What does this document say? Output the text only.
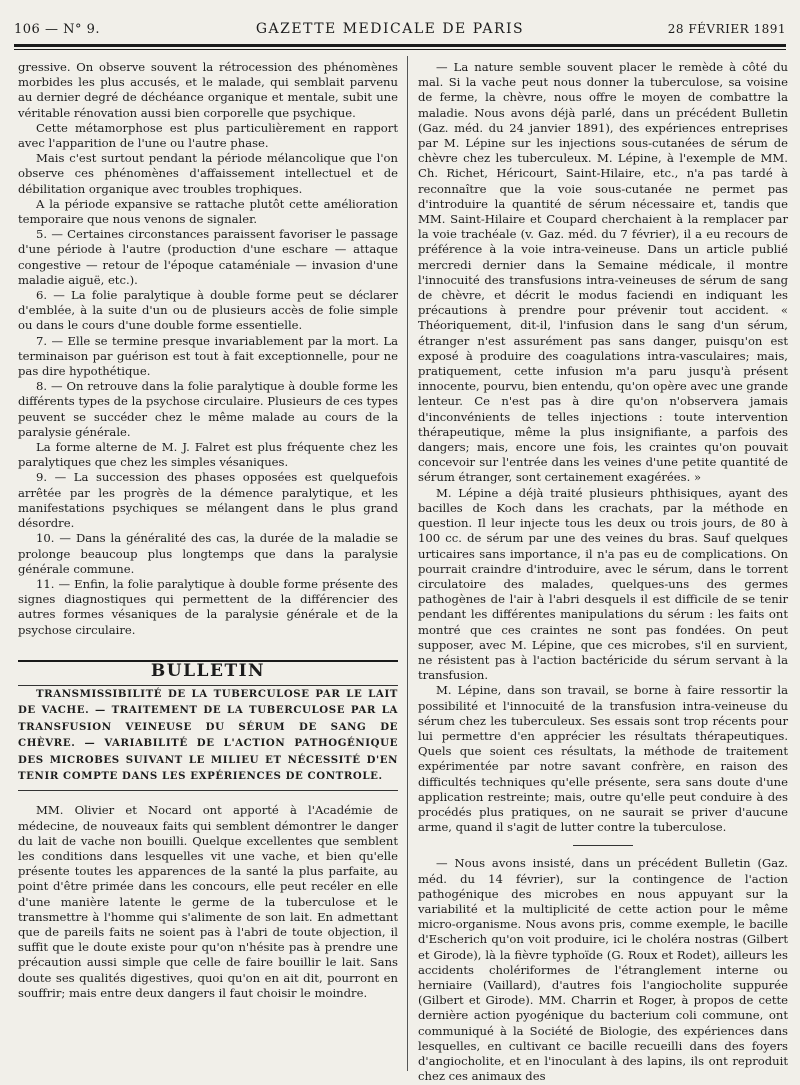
106 — N° 9.	GAZETTE MEDICALE DE PARIS	28 FÉVRIER 1891

gressive. On observe souvent la rétrocession des phénomènes morbides les plus accusés, et le malade, qui semblait parvenu au dernier degré de déchéance organique et mentale, subit une véritable rénovation aussi bien corporelle que psychique.

Cette métamorphose est plus particulièrement en rapport avec l'apparition de l'une ou l'autre phase.

Mais c'est surtout pendant la période mélancolique que l'on observe ces phénomènes d'affaissement intellectuel et de débilitation organique avec troubles trophiques.

A la période expansive se rattache plutôt cette amélioration temporaire que nous venons de signaler.

5. — Certaines circonstances paraissent favoriser le passage d'une période à l'autre (production d'une eschare — attaque congestive — retour de l'époque cataméniale — invasion d'une maladie aiguë, etc.).

6. — La folie paralytique à double forme peut se déclarer d'emblée, à la suite d'un ou de plusieurs accès de folie simple ou dans le cours d'une double forme essentielle.

7. — Elle se termine presque invariablement par la mort. La terminaison par guérison est tout à fait exceptionnelle, pour ne pas dire hypothétique.

8. — On retrouve dans la folie paralytique à double forme les différents types de la psychose circulaire. Plusieurs de ces types peuvent se succéder chez le même malade au cours de la paralysie générale.

La forme alterne de M. J. Falret est plus fréquente chez les paralytiques que chez les simples vésaniques.

9. — La succession des phases opposées est quelquefois arrêtée par les progrès de la démence paralytique, et les manifestations psychiques se mélangent dans le plus grand désordre.

10. — Dans la généralité des cas, la durée de la maladie se prolonge beaucoup plus longtemps que dans la paralysie générale commune.

11. — Enfin, la folie paralytique à double forme présente des signes diagnostiques qui permettent de la différencier des autres formes vésaniques de la paralysie générale et de la psychose circulaire.

BULLETIN

TRANSMISSIBILITÉ DE LA TUBERCULOSE PAR LE LAIT DE VACHE. — TRAITEMENT DE LA TUBERCULOSE PAR LA TRANSFUSION VEINEUSE DU SÉRUM DE SANG DE CHÈVRE. — VARIABILITÉ DE L'ACTION PATHOGÉNIQUE DES MICROBES SUIVANT LE MILIEU ET NÉCESSITÉ D'EN TENIR COMPTE DANS LES EXPÉRIENCES DE CONTROLE.

MM. Olivier et Nocard ont apporté à l'Académie de médecine, de nouveaux faits qui semblent démontrer le danger du lait de vache non bouilli. Quelque excellentes que semblent les conditions dans lesquelles vit une vache, et bien qu'elle présente toutes les apparences de la santé la plus parfaite, au point d'être primée dans les concours, elle peut recéler en elle d'une manière latente le germe de la tuberculose et le transmettre à l'homme qui s'alimente de son lait. En admettant que de pareils faits ne soient pas à l'abri de toute objection, il suffit que le doute existe pour qu'on n'hésite pas à prendre une précaution aussi simple que celle de faire bouillir le lait. Sans doute ses qualités digestives, quoi qu'on en ait dit, pourront en souffrir; mais entre deux dangers il faut choisir le moindre.

— La nature semble souvent placer le remède à côté du mal. Si la vache peut nous donner la tuberculose, sa voisine de ferme, la chèvre, nous offre le moyen de combattre la maladie. Nous avons déjà parlé, dans un précédent Bulletin (Gaz. méd. du 24 janvier 1891), des expériences entreprises par M. Lépine sur les injections sous-cutanées de sérum de chèvre chez les tuberculeux. M. Lépine, à l'exemple de MM. Ch. Richet, Héricourt, Saint-Hilaire, etc., n'a pas tardé à reconnaître que la voie sous-cutanée ne permet pas d'introduire la quantité de sérum nécessaire et, tandis que MM. Saint-Hilaire et Coupard cherchaient à la remplacer par la voie trachéale (v. Gaz. méd. du 7 février), il a eu recours de préférence à la voie intra-veineuse. Dans un article publié mercredi dernier dans la Semaine médicale, il montre l'innocuité des transfusions intra-veineuses de sérum de sang de chèvre, et décrit le modus faciendi en indiquant les précautions à prendre pour prévenir tout accident. « Théoriquement, dit-il, l'infusion dans le sang d'un sérum, étranger n'est assurément pas sans danger, puisqu'on est exposé à produire des coagulations intra-vasculaires; mais, pratiquement, cette infusion m'a paru jusqu'à présent innocente, pourvu, bien entendu, qu'on opère avec une grande lenteur. Ce n'est pas à dire qu'on n'observera jamais d'inconvénients de telles injections : toute intervention thérapeutique, même la plus insignifiante, a parfois des dangers; mais, encore une fois, les craintes qu'on pouvait concevoir sur l'entrée dans les veines d'une petite quantité de sérum étranger, sont certainement exagérées. »

M. Lépine a déjà traité plusieurs phthisiques, ayant des bacilles de Koch dans les crachats, par la méthode en question. Il leur injecte tous les deux ou trois jours, de 80 à 100 cc. de sérum par une des veines du bras. Sauf quelques urticaires sans importance, il n'a pas eu de complications. On pourrait craindre d'introduire, avec le sérum, dans le torrent circulatoire des malades, quelques-uns des germes pathogènes de l'air à l'abri desquels il est difficile de se tenir pendant les différentes manipulations du sérum : les faits ont montré que ces craintes ne sont pas fondées. On peut supposer, avec M. Lépine, que ces microbes, s'il en survient, ne résistent pas à l'action bactéricide du sérum servant à la transfusion.

M. Lépine, dans son travail, se borne à faire ressortir la possibilité et l'innocuité de la transfusion intra-veineuse du sérum chez les tuberculeux. Ses essais sont trop récents pour lui permettre d'en apprécier les résultats thérapeutiques. Quels que soient ces résultats, la méthode de traitement expérimentée par notre savant confrère, en raison des difficultés techniques qu'elle présente, sera sans doute d'une application restreinte; mais, outre qu'elle peut conduire à des procédés plus pratiques, on ne saurait se priver d'aucune arme, quand il s'agit de lutter contre la tuberculose.

— Nous avons insisté, dans un précédent Bulletin (Gaz. méd. du 14 février), sur la contingence de l'action pathogénique des microbes en nous appuyant sur la variabilité et la multiplicité de cette action pour le même micro-organisme. Nous avons pris, comme exemple, le bacille d'Escherich qu'on voit produire, ici le choléra nostras (Gilbert et Girode), là la fièvre typhoïde (G. Roux et Rodet), ailleurs les accidents cholériformes de l'étranglement interne ou herniaire (Vaillard), d'autres fois l'angiocholite suppurée (Gilbert et Girode). MM. Charrin et Roger, à propos de cette dernière action pyogénique du bacterium coli commune, ont communiqué à la Société de Biologie, des expériences dans lesquelles, en cultivant ce bacille recueilli dans des foyers d'angiocholite, et en l'inoculant à des lapins, ils ont reproduit chez ces animaux des
